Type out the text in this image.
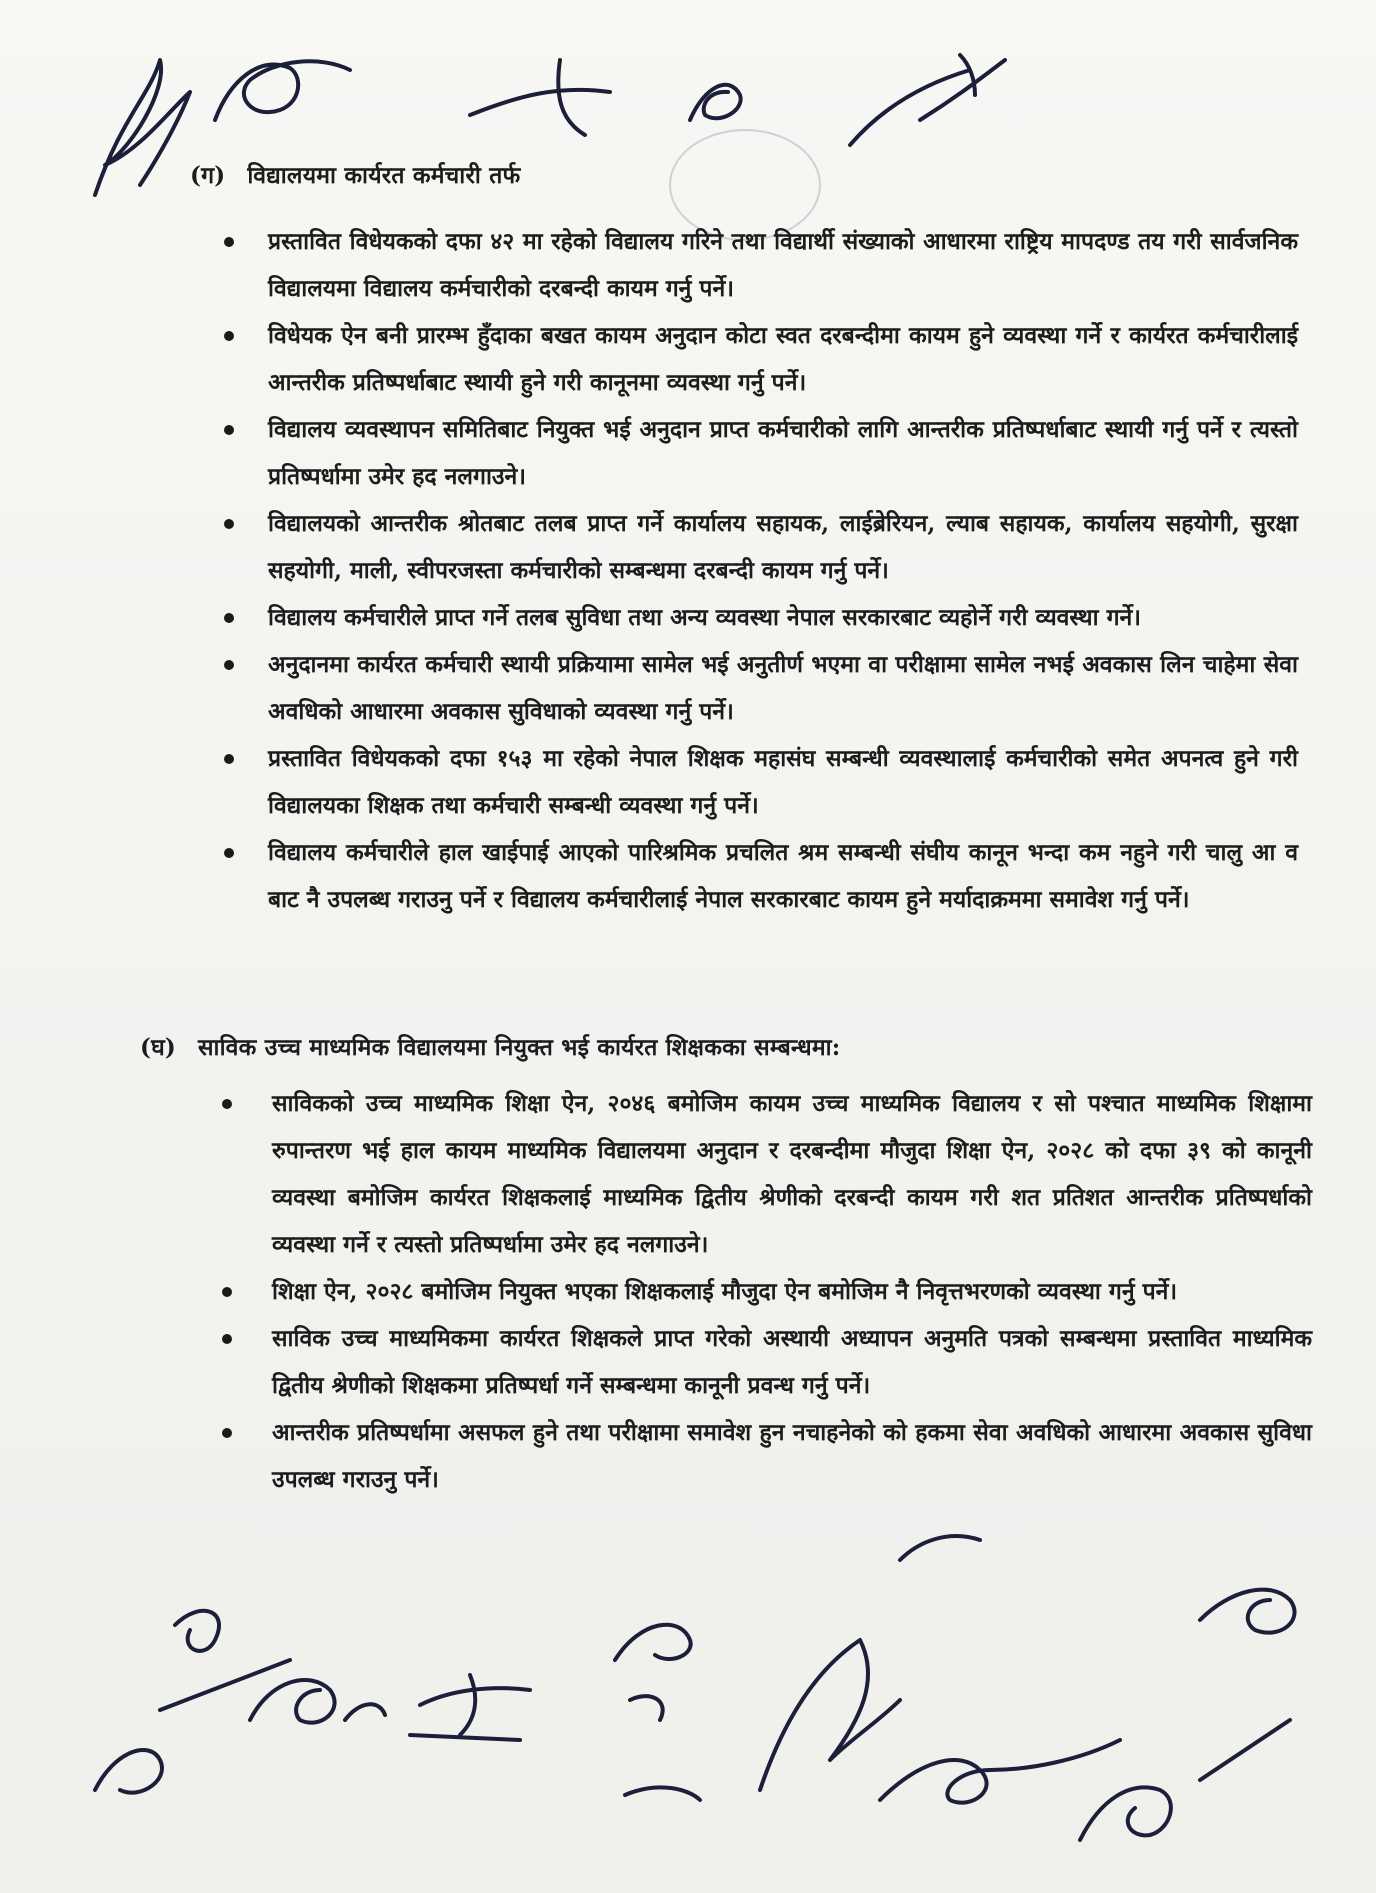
(ग) विद्यालयमा कार्यरत कर्मचारी तर्फ
प्रस्तावित विधेयकको दफा ४२ मा रहेको विद्यालय गरिने तथा विद्यार्थी संख्याको आधारमा राष्ट्रिय मापदण्ड तय गरी सार्वजनिक विद्यालयमा विद्यालय कर्मचारीको दरबन्दी कायम गर्नु पर्ने।
विधेयक ऐन बनी प्रारम्भ हुँदाका बखत कायम अनुदान कोटा स्वत दरबन्दीमा कायम हुने व्यवस्था गर्ने र कार्यरत कर्मचारीलाई आन्तरीक प्रतिष्पर्धाबाट स्थायी हुने गरी कानूनमा व्यवस्था गर्नु पर्ने।
विद्यालय व्यवस्थापन समितिबाट नियुक्त भई अनुदान प्राप्त कर्मचारीको लागि आन्तरीक प्रतिष्पर्धाबाट स्थायी गर्नु पर्ने र त्यस्तो प्रतिष्पर्धामा उमेर हद नलगाउने।
विद्यालयको आन्तरीक श्रोतबाट तलब प्राप्त गर्ने कार्यालय सहायक, लाईब्रेरियन, ल्याब सहायक, कार्यालय सहयोगी, सुरक्षा सहयोगी, माली, स्वीपरजस्ता कर्मचारीको सम्बन्धमा दरबन्दी कायम गर्नु पर्ने।
विद्यालय कर्मचारीले प्राप्त गर्ने तलब सुविधा तथा अन्य व्यवस्था नेपाल सरकारबाट व्यहोर्ने गरी व्यवस्था गर्ने।
अनुदानमा कार्यरत कर्मचारी स्थायी प्रक्रियामा सामेल भई अनुतीर्ण भएमा वा परीक्षामा सामेल नभई अवकास लिन चाहेमा सेवा अवधिको आधारमा अवकास सुविधाको व्यवस्था गर्नु पर्ने।
प्रस्तावित विधेयकको दफा १५३ मा रहेको नेपाल शिक्षक महासंघ सम्बन्धी व्यवस्थालाई कर्मचारीको समेत अपनत्व हुने गरी विद्यालयका शिक्षक तथा कर्मचारी सम्बन्धी व्यवस्था गर्नु पर्ने।
विद्यालय कर्मचारीले हाल खाईपाई आएको पारिश्रमिक प्रचलित श्रम सम्बन्धी संघीय कानून भन्दा कम नहुने गरी चालु आ व बाट नै उपलब्ध गराउनु पर्ने र विद्यालय कर्मचारीलाई नेपाल सरकारबाट कायम हुने मर्यादाक्रममा समावेश गर्नु पर्ने।
(घ) साविक उच्च माध्यमिक विद्यालयमा नियुक्त भई कार्यरत शिक्षकका सम्बन्धमा:
साविकको उच्च माध्यमिक शिक्षा ऐन, २०४६ बमोजिम कायम उच्च माध्यमिक विद्यालय र सो पश्चात माध्यमिक शिक्षामा रुपान्तरण भई हाल कायम माध्यमिक विद्यालयमा अनुदान र दरबन्दीमा मौजुदा शिक्षा ऐन, २०२८ को दफा ३९ को कानूनी व्यवस्था बमोजिम कार्यरत शिक्षकलाई माध्यमिक द्वितीय श्रेणीको दरबन्दी कायम गरी शत प्रतिशत आन्तरीक प्रतिष्पर्धाको व्यवस्था गर्ने र त्यस्तो प्रतिष्पर्धामा उमेर हद नलगाउने।
शिक्षा ऐन, २०२८ बमोजिम नियुक्त भएका शिक्षकलाई मौजुदा ऐन बमोजिम नै निवृत्तभरणको व्यवस्था गर्नु पर्ने।
साविक उच्च माध्यमिकमा कार्यरत शिक्षकले प्राप्त गरेको अस्थायी अध्यापन अनुमति पत्रको सम्बन्धमा प्रस्तावित माध्यमिक द्वितीय श्रेणीको शिक्षकमा प्रतिष्पर्धा गर्ने सम्बन्धमा कानूनी प्रवन्ध गर्नु पर्ने।
आन्तरीक प्रतिष्पर्धामा असफल हुने तथा परीक्षामा समावेश हुन नचाहनेको को हकमा सेवा अवधिको आधारमा अवकास सुविधा उपलब्ध गराउनु पर्ने।
